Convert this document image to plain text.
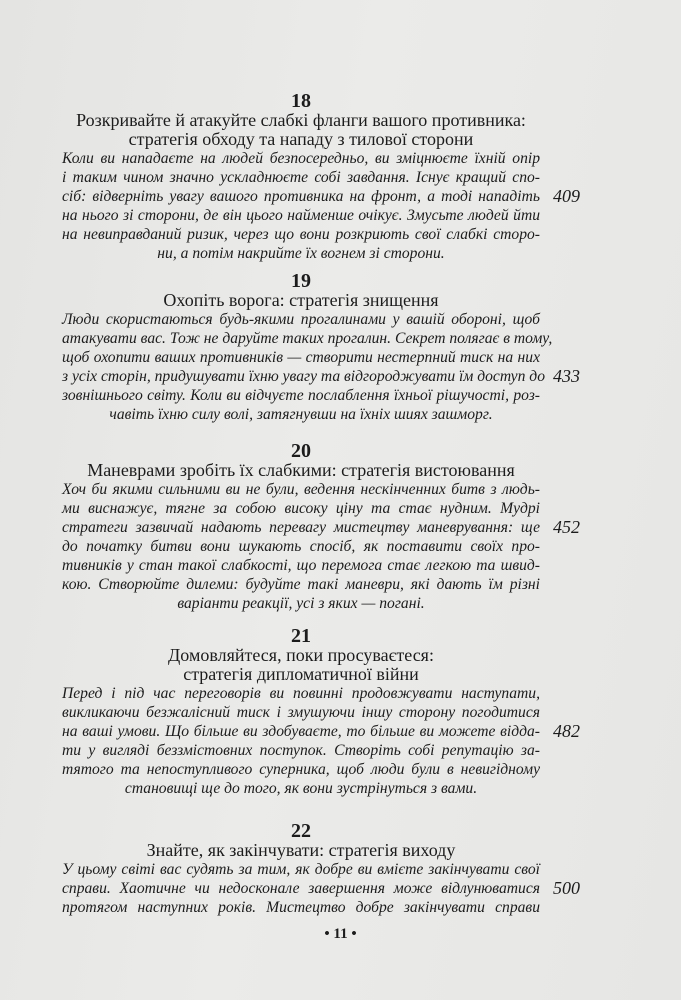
18
Розкривайте й атакуйте слабкі фланги вашого противника:
стратегія обходу та нападу з тилової сторони
Коли ви нападаєте на людей безпосередньо, ви зміцнюєте їхній опір
і таким чином значно ускладнюєте собі завдання. Існує кращий спо-
сіб: відверніть увагу вашого противника на фронт, а тоді нападіть
на нього зі сторони, де він цього найменше очікує. Змусьте людей йти
на невиправданий ризик, через що вони розкриють свої слабкі сторо-
ни, а потім накрийте їх вогнем зі сторони.
409
19
Охопіть ворога: стратегія знищення
Люди скористаються будь-якими прогалинами у вашій обороні, щоб
атакувати вас. Тож не даруйте таких прогалин. Секрет полягає в тому,
щоб охопити ваших противників — створити нестерпний тиск на них
з усіх сторін, придушувати їхню увагу та відгороджувати їм доступ до
зовнішнього світу. Коли ви відчуєте послаблення їхньої рішучості, роз-
чавіть їхню силу волі, затягнувши на їхніх шиях зашморг.
433
20
Маневрами зробіть їх слабкими: стратегія вистоювання
Хоч би якими сильними ви не були, ведення нескінченних битв з людь-
ми виснажує, тягне за собою високу ціну та стає нудним. Мудрі
стратеги зазвичай надають перевагу мистецтву маневрування: ще
до початку битви вони шукають спосіб, як поставити своїх про-
тивників у стан такої слабкості, що перемога стає легкою та швид-
кою. Створюйте дилеми: будуйте такі маневри, які дають їм різні
варіанти реакції, усі з яких — погані.
452
21
Домовляйтеся, поки просуваєтеся:
стратегія дипломатичної війни
Перед і під час переговорів ви повинні продовжувати наступати,
викликаючи безжалісний тиск і змушуючи іншу сторону погодитися
на ваші умови. Що більше ви здобуваєте, то більше ви можете відда-
ти у вигляді беззмістовних поступок. Створіть собі репутацію за-
тятого та непоступливого суперника, щоб люди були в невигідному
становищі ще до того, як вони зустрінуться з вами.
482
22
Знайте, як закінчувати: стратегія виходу
У цьому світі вас судять за тим, як добре ви вмієте закінчувати свої
справи. Хаотичне чи недосконале завершення може відлунюватися
протягом наступних років. Мистецтво добре закінчувати справи
500
• 11 •
